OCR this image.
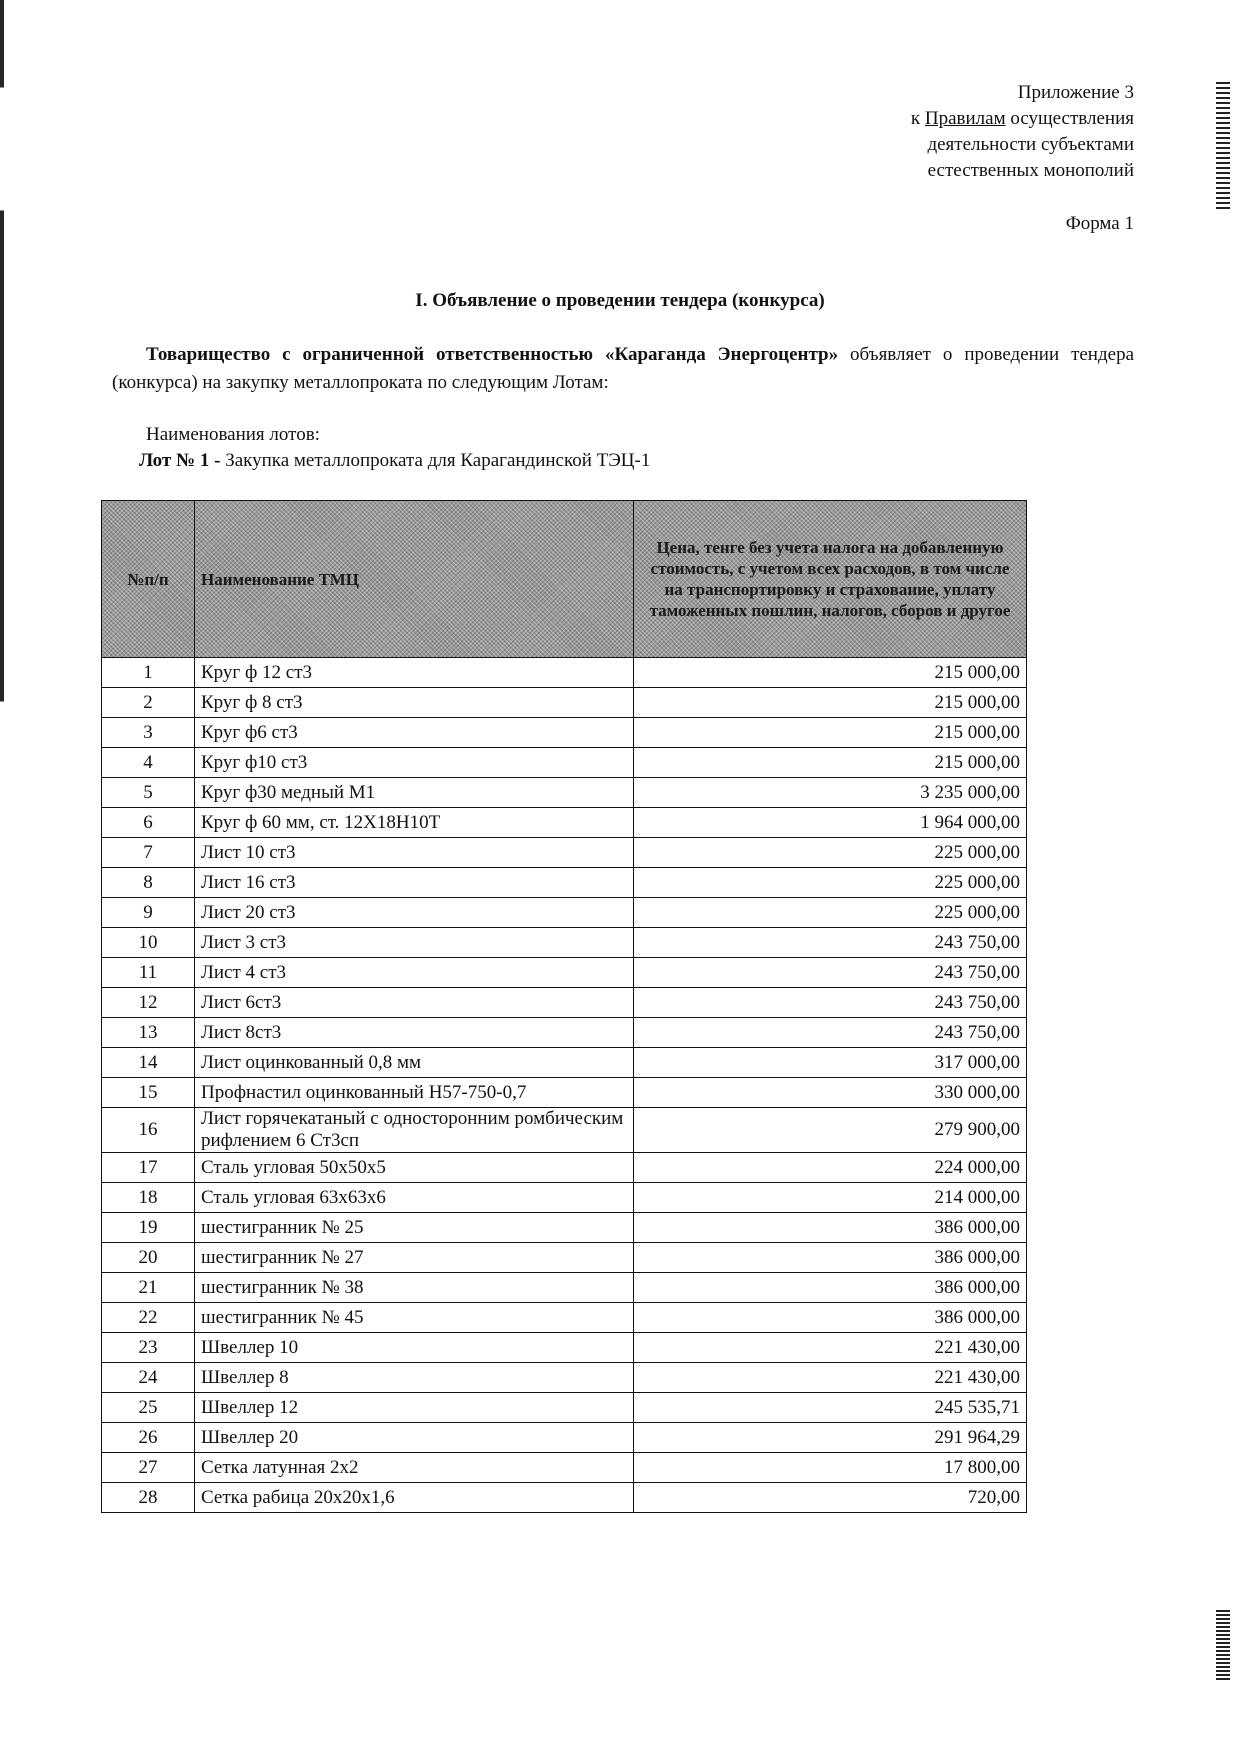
Приложение 3
к Правилам осуществления
деятельности субъектами
естественных монополий
Форма 1
I. Объявление о проведении тендера (конкурса)
Товарищество с ограниченной ответственностью «Караганда Энергоцентр» объявляет о проведении тендера (конкурса) на закупку металлопроката по следующим Лотам:
Наименования лотов:
Лот № 1 - Закупка металлопроката для Карагандинской ТЭЦ-1
№п/п	Наименование ТМЦ	Цена, тенге без учета налога на добавленную стоимость, с учетом всех расходов, в том числе на транспортировку и страхование, уплату таможенных пошлин, налогов, сборов и другое
1	Круг ф 12 ст3	215 000,00
2	Круг ф 8 ст3	215 000,00
3	Круг ф6 ст3	215 000,00
4	Круг ф10 ст3	215 000,00
5	Круг ф30 медный М1	3 235 000,00
6	Круг ф 60 мм, ст. 12Х18Н10Т	1 964 000,00
7	Лист 10 ст3	225 000,00
8	Лист 16 ст3	225 000,00
9	Лист 20 ст3	225 000,00
10	Лист 3 ст3	243 750,00
11	Лист 4 ст3	243 750,00
12	Лист 6ст3	243 750,00
13	Лист 8ст3	243 750,00
14	Лист оцинкованный 0,8 мм	317 000,00
15	Профнастил оцинкованный Н57-750-0,7	330 000,00
16	Лист горячекатаный с односторонним ромбическим рифлением 6 Ст3сп	279 900,00
17	Сталь угловая 50х50х5	224 000,00
18	Сталь угловая 63х63х6	214 000,00
19	шестигранник № 25	386 000,00
20	шестигранник № 27	386 000,00
21	шестигранник № 38	386 000,00
22	шестигранник № 45	386 000,00
23	Швеллер 10	221 430,00
24	Швеллер 8	221 430,00
25	Швеллер 12	245 535,71
26	Швеллер 20	291 964,29
27	Сетка латунная 2х2	17 800,00
28	Сетка рабица 20х20х1,6	720,00
